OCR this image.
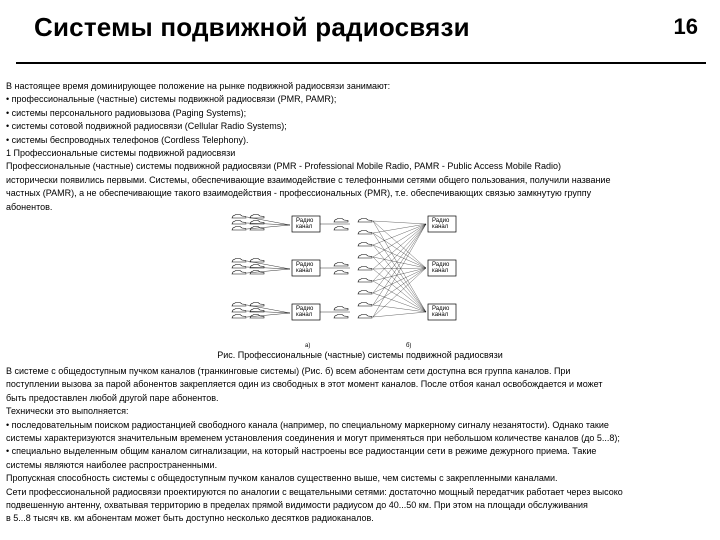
Системы подвижной радиосвязи	16

В настоящее время доминирующее положение на рынке подвижной радиосвязи занимают:

• профессиональные (частные) системы подвижной радиосвязи (PMR, PAMR);

• системы персонального радиовызова (Paging Systems);

• системы сотовой подвижной радиосвязи (Cellular Radio Systems);

• системы беспроводных телефонов (Cordless Telephony).

1 Профессиональные системы подвижной радиосвязи

Профессиональные (частные) системы подвижной радиосвязи (PMR - Professional Mobile Radio, PAMR - Public Access Mobile Radio)

исторически появились первыми. Системы, обеспечивающие взаимодействие с телефонными сетями общего пользования, получили название

частных (PAMR), а не обеспечивающие такого взаимодействия - профессиональных (PMR), т.е. обеспечивающих связью замкнутую группу

абонентов.

Радио
канал
Радио
канал
Радио
канал
Радио
канал
Радио
канал
Радио
канал
а)	б)
Рис. Профессиональные (частные) системы подвижной радиосвязи

В системе с общедоступным пучком каналов (транкинговые системы) (Рис. б) всем абонентам сети доступна вся группа каналов. При

поступлении вызова за парой абонентов закрепляется один из свободных в этот момент каналов. После отбоя канал освобождается и может

быть предоставлен любой другой паре абонентов.

Технически это выполняется:

• последовательным поиском радиостанцией свободного канала (например, по специальному маркерному сигналу незанятости). Однако такие

системы характеризуются значительным временем установления соединения и могут применяться при небольшом количестве каналов (до 5...8);

• специально выделенным общим каналом сигнализации, на который настроены все радиостанции сети в режиме дежурного приема. Такие

системы являются наиболее распространенными.

Пропускная способность системы с общедоступным пучком каналов существенно выше, чем системы с закрепленными каналами.

Сети профессиональной радиосвязи проектируются по аналогии с вещательными сетями: достаточно мощный передатчик работает через высоко

подвешенную антенну, охватывая территорию в пределах прямой видимости радиусом до 40...50 км. При этом на площади обслуживания

в 5...8 тысяч кв. км абонентам может быть доступно несколько десятков радиоканалов.
